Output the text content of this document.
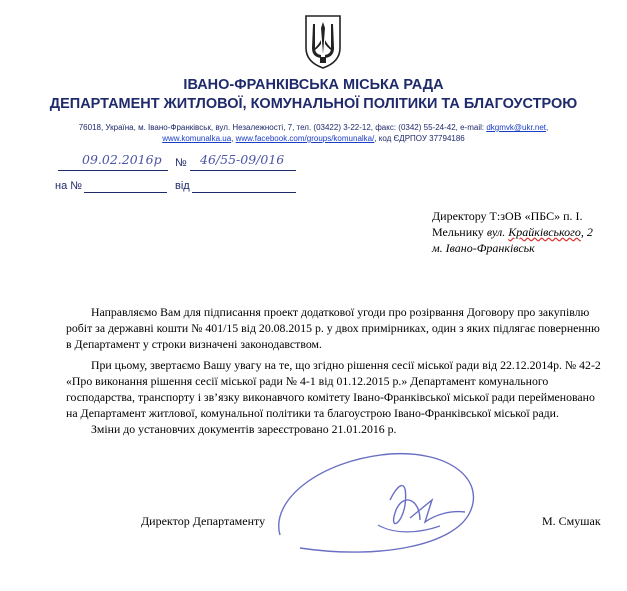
ІВАНО-ФРАНКІВСЬКА МІСЬКА РАДА
ДЕПАРТАМЕНТ ЖИТЛОВОЇ, КОМУНАЛЬНОЇ ПОЛІТИКИ ТА БЛАГОУСТРОЮ
76018, Україна, м. Івано-Франківськ, вул. Незалежності, 7, тел. (03422) 3-22-12, факс: (0342) 55-24-42, e-mail: dkgmvk@ukr.net,
www.komunalka.ua, www.facebook.com/groups/komunalka/, код ЄДРПОУ 37794186
09.02.2016р № 46/55-09/016
на №	від
Директору Т:зОВ «ПБС» п. І.
Мельнику вул. Крайківського, 2
м. Івано-Франківськ
Направляємо Вам для підписання проект додаткової угоди про розірвання Договору про закупівлю
робіт за державні кошти № 401/15 від 20.08.2015 р. у двох примірниках, один з яких підлягає поверненню
в Департамент у строки визначені законодавством.
При цьому, звертаємо Вашу увагу на те, що згідно рішення сесії міської ради від 22.12.2014р. № 42-2
«Про виконання рішення сесії міської ради № 4-1 від 01.12.2015 р.» Департамент комунального
господарства, транспорту і зв’язку виконавчого комітету Івано-Франківської міської ради перейменовано
на Департамент житлової, комунальної політики та благоустрою Івано-Франківської міської ради.
Зміни до установчих документів зареєстровано 21.01.2016 р.
Директор Департаменту	М. Смушак
